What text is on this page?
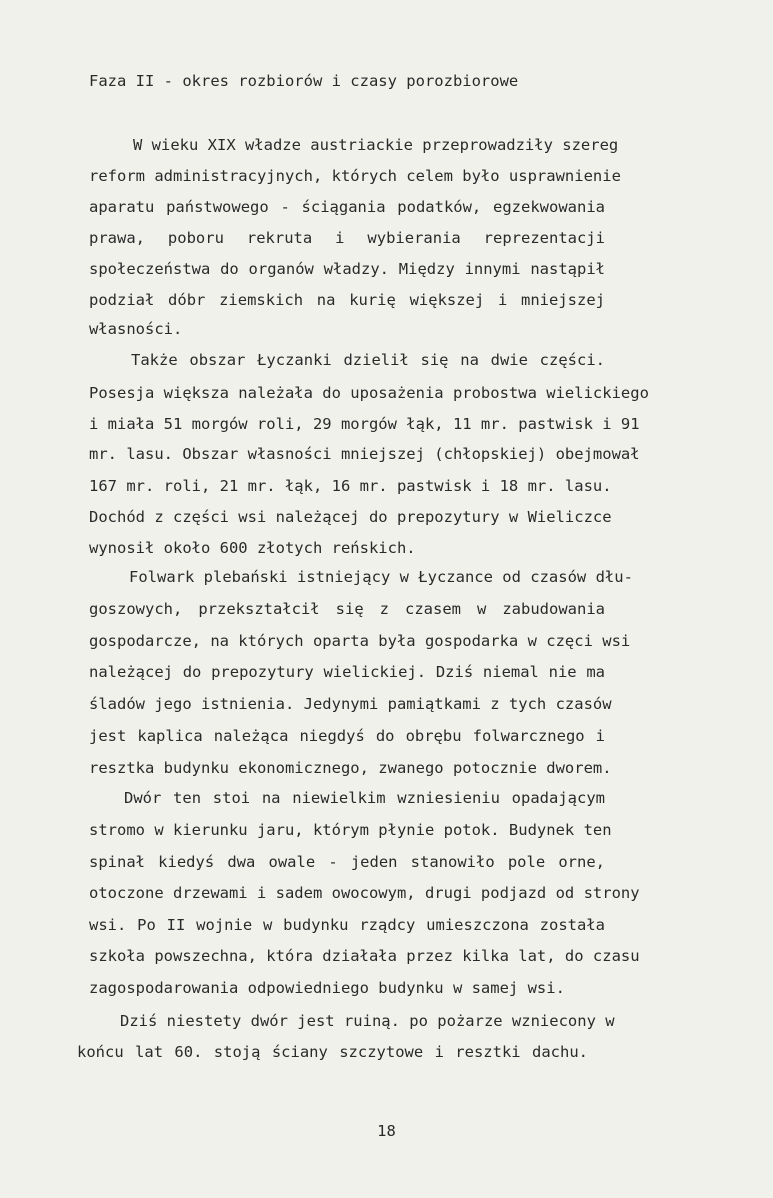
Faza II - okres rozbiorów i czasy porozbiorowe
W wieku XIX władze austriackie przeprowadziły szereg
reform administracyjnych, których celem było usprawnienie
aparatu państwowego - ściągania podatków, egzekwowania
prawa, poboru rekruta i wybierania reprezentacji
społeczeństwa do organów władzy. Między innymi nastąpił
podział dóbr ziemskich na kurię większej i mniejszej
własności.
Także obszar Łyczanki dzielił się na dwie części.
Posesja większa należała do uposażenia probostwa wielickiego
i miała 51 morgów roli, 29 morgów łąk, 11 mr. pastwisk i 91
mr. lasu. Obszar własności mniejszej (chłopskiej) obejmował
167 mr. roli, 21 mr. łąk, 16 mr. pastwisk i 18 mr. lasu.
Dochód z części wsi należącej do prepozytury w Wieliczce
wynosił około 600 złotych reńskich.
Folwark plebański istniejący w Łyczance od czasów dłu-
goszowych, przekształcił się z czasem w zabudowania
gospodarcze, na których oparta była gospodarka w częci wsi
należącej do prepozytury wielickiej. Dziś niemal nie ma
śladów jego istnienia. Jedynymi pamiątkami z tych czasów
jest kaplica należąca niegdyś do obrębu folwarcznego i
resztka budynku ekonomicznego, zwanego potocznie dworem.
Dwór ten stoi na niewielkim wzniesieniu opadającym
stromo w kierunku jaru, którym płynie potok. Budynek ten
spinał kiedyś dwa owale - jeden stanowiło pole orne,
otoczone drzewami i sadem owocowym, drugi podjazd od strony
wsi. Po II wojnie w budynku rządcy umieszczona została
szkoła powszechna, która działała przez kilka lat, do czasu
zagospodarowania odpowiedniego budynku w samej wsi.
Dziś niestety dwór jest ruiną. po pożarze wzniecony w
końcu lat 60. stoją ściany szczytowe i resztki dachu.
18
